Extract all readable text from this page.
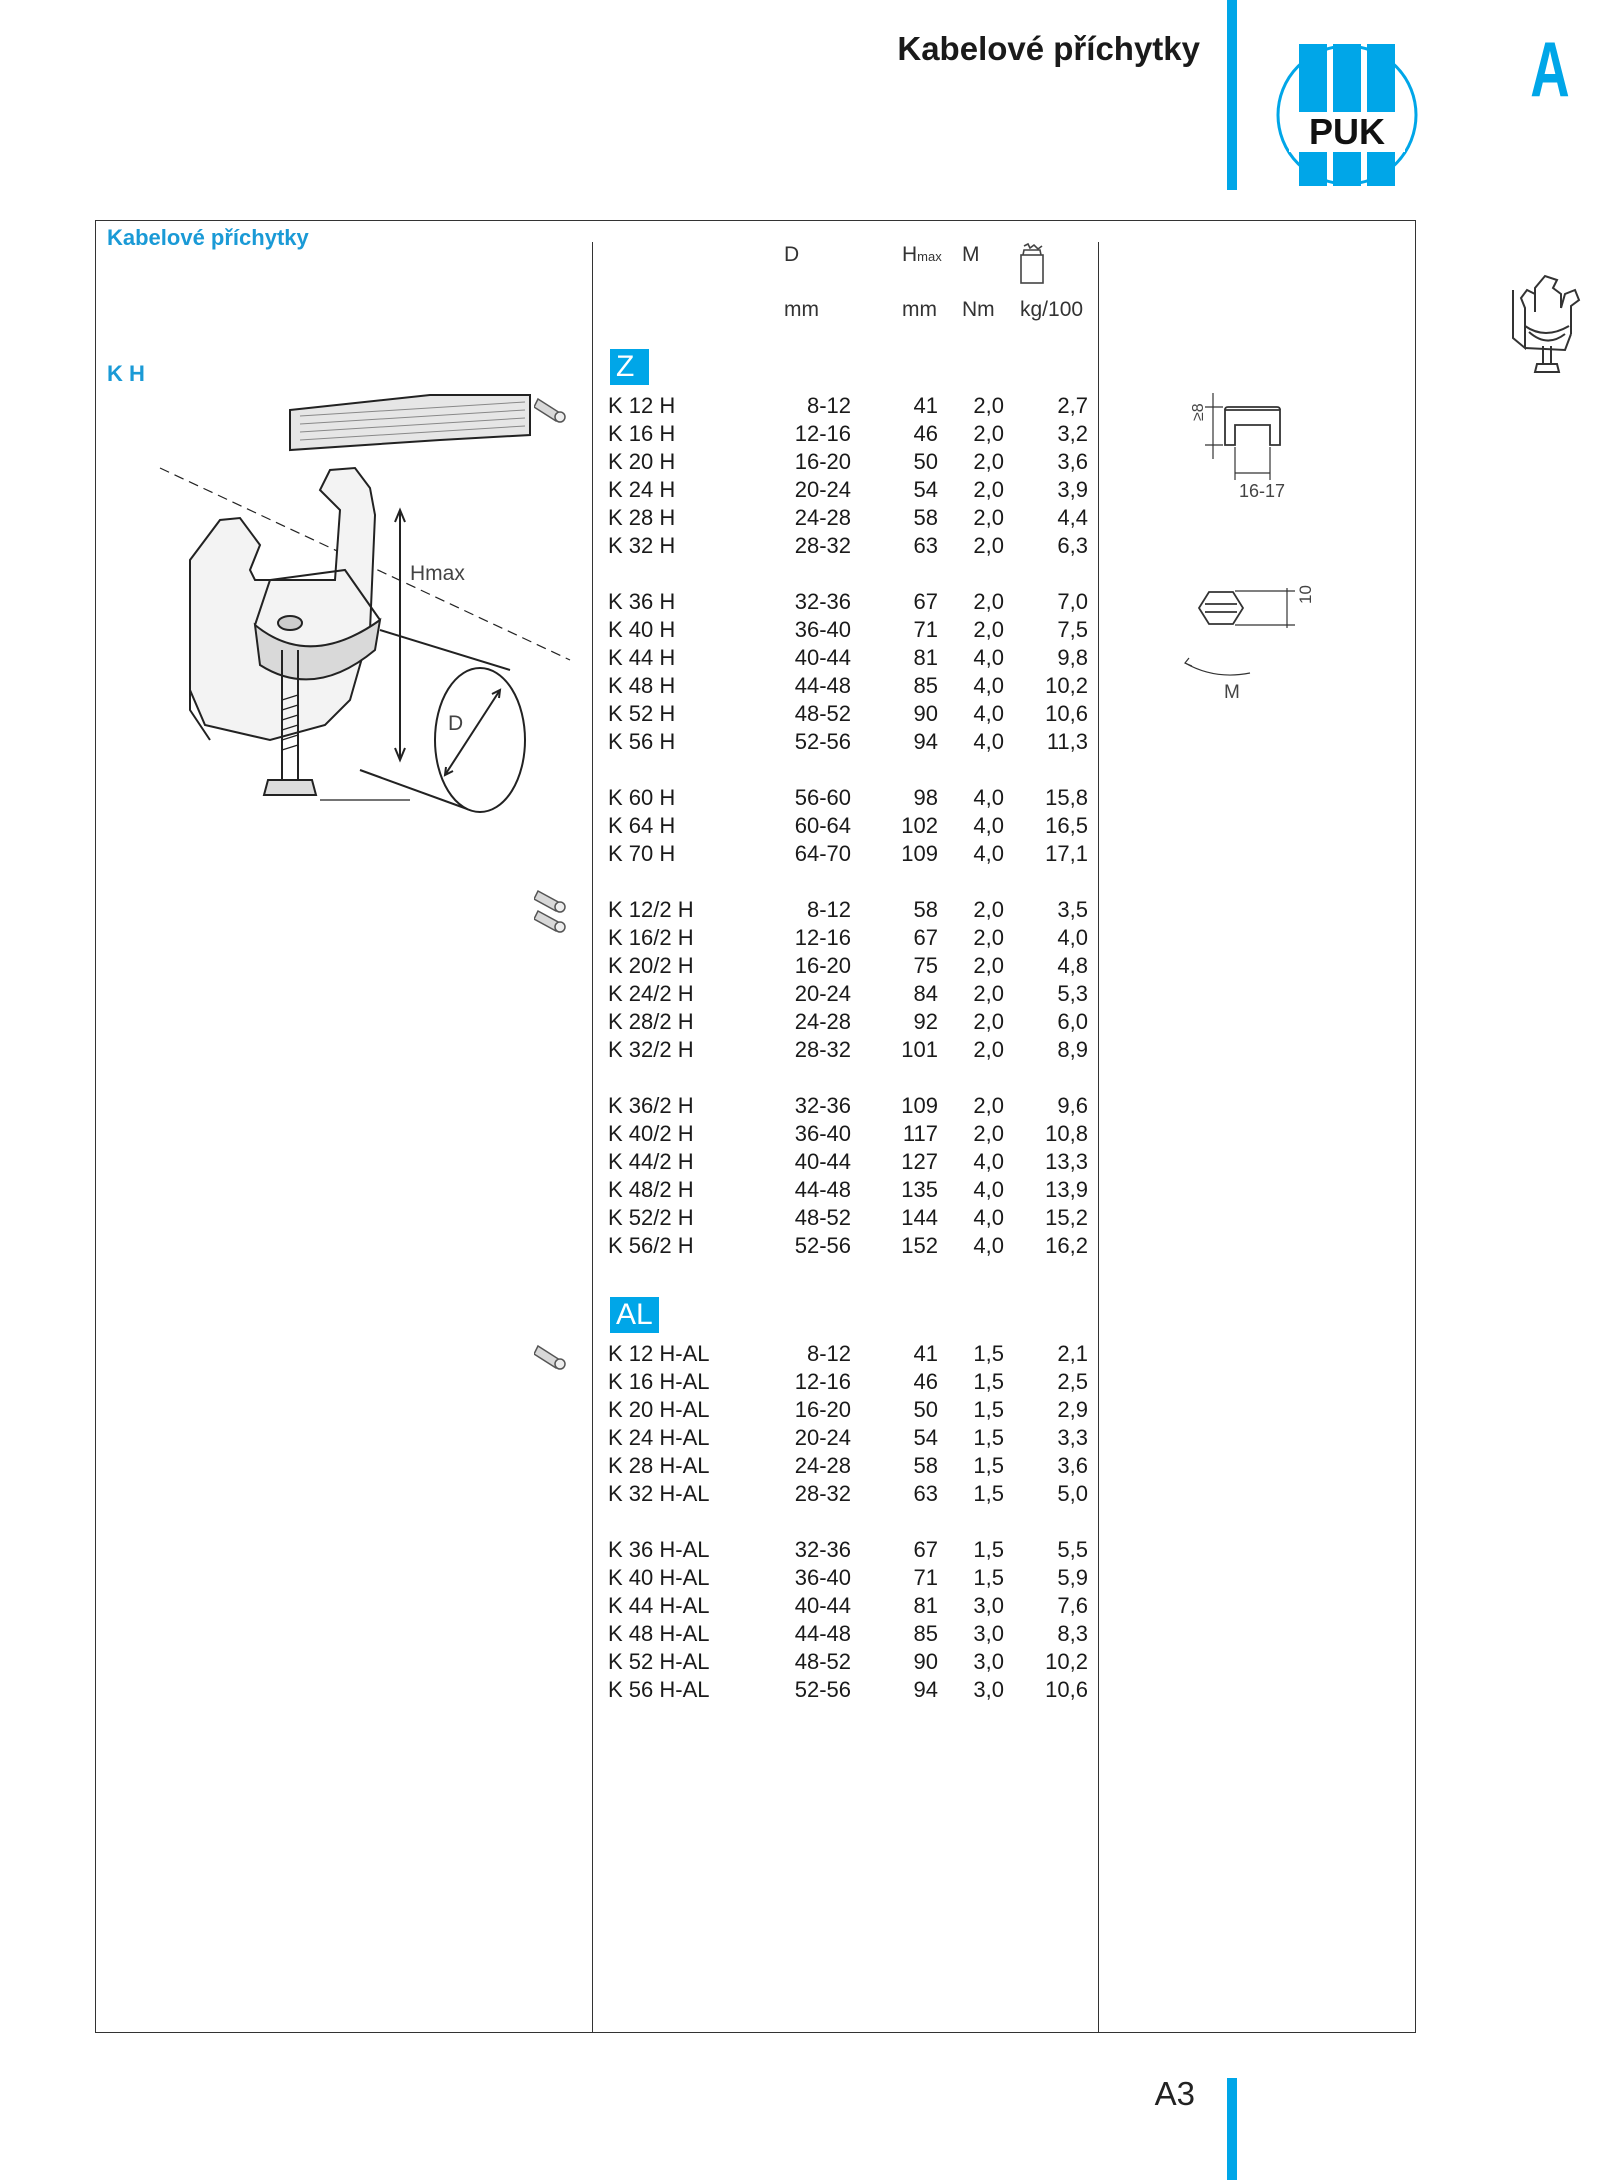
Kabelové příchytky
PUK
A
Kabelové příchytky
K H
D	Hmax M
mm	mm Nm kg/100
Z
AL
K 12 H	8-12	41	2,0	2,7
K 16 H	12-16	46	2,0	3,2
K 20 H	16-20	50	2,0	3,6
K 24 H	20-24	54	2,0	3,9
K 28 H	24-28	58	2,0	4,4
K 32 H	28-32	63	2,0	6,3
K 36 H	32-36	67	2,0	7,0
K 40 H	36-40	71	2,0	7,5
K 44 H	40-44	81	4,0	9,8
K 48 H	44-48	85	4,0	10,2
K 52 H	48-52	90	4,0	10,6
K 56 H	52-56	94	4,0	11,3
K 60 H	56-60	98	4,0	15,8
K 64 H	60-64	102	4,0	16,5
K 70 H	64-70	109	4,0	17,1
K 12/2 H	8-12	58	2,0	3,5
K 16/2 H	12-16	67	2,0	4,0
K 20/2 H	16-20	75	2,0	4,8
K 24/2 H	20-24	84	2,0	5,3
K 28/2 H	24-28	92	2,0	6,0
K 32/2 H	28-32	101	2,0	8,9
K 36/2 H	32-36	109	2,0	9,6
K 40/2 H	36-40	117	2,0	10,8
K 44/2 H	40-44	127	4,0	13,3
K 48/2 H	44-48	135	4,0	13,9
K 52/2 H	48-52	144	4,0	15,2
K 56/2 H	52-56	152	4,0	16,2
K 12 H-AL	8-12	41	1,5	2,1
K 16 H-AL	12-16	46	1,5	2,5
K 20 H-AL	16-20	50	1,5	2,9
K 24 H-AL	20-24	54	1,5	3,3
K 28 H-AL	24-28	58	1,5	3,6
K 32 H-AL	28-32	63	1,5	5,0
K 36 H-AL	32-36	67	1,5	5,5
K 40 H-AL	36-40	71	1,5	5,9
K 44 H-AL	40-44	81	3,0	7,6
K 48 H-AL	44-48	85	3,0	8,3
K 52 H-AL	48-52	90	3,0	10,2
K 56 H-AL	52-56	94	3,0	10,6
Hmax
D
≥8
16-17
10
M
A3
